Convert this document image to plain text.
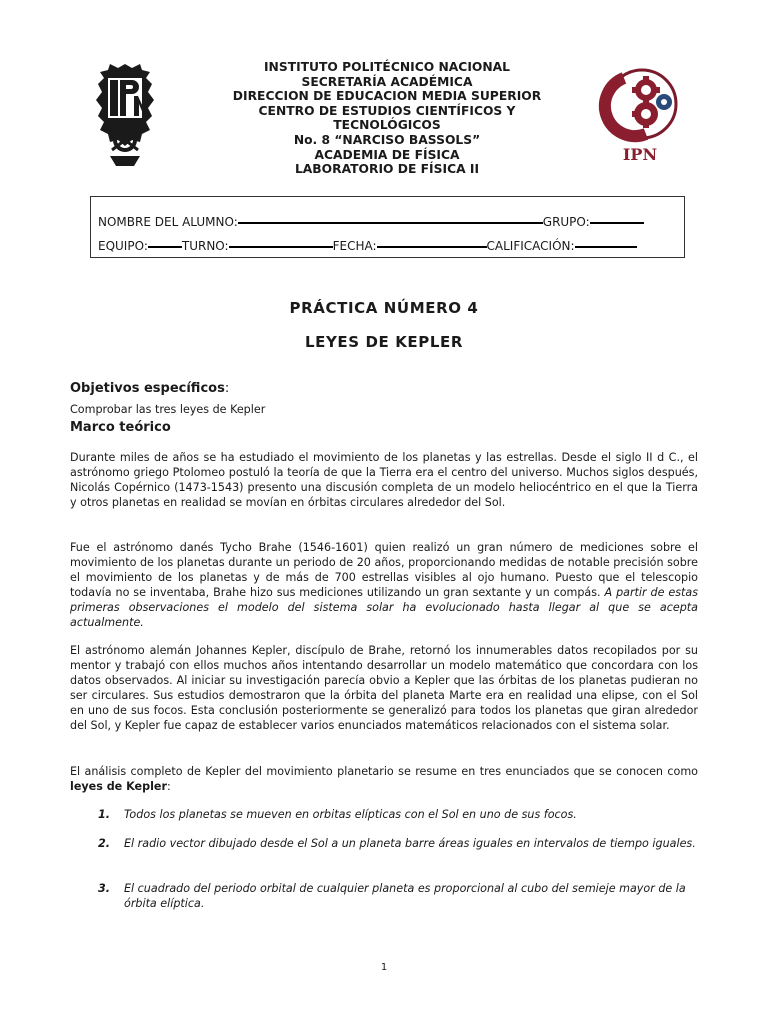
INSTITUTO POLITÉCNICO NACIONAL
SECRETARÍA ACADÉMICA
DIRECCION DE EDUCACION MEDIA SUPERIOR
CENTRO DE ESTUDIOS CIENTÍFICOS Y
TECNOLÓGICOS
No. 8 “NARCISO BASSOLS”
ACADEMIA DE FÍSICA
LABORATORIO DE FÍSICA II
IPN
NOMBRE DEL ALUMNO:	GRUPO:
EQUIPO:	TURNO:	FECHA:	CALIFICACIÓN:
PRÁCTICA NÚMERO 4
LEYES DE KEPLER
Objetivos específicos:
Comprobar las tres leyes de Kepler
Marco teórico
Durante miles de años se ha estudiado el movimiento de los planetas y las estrellas. Desde el siglo II d C., el astrónomo griego Ptolomeo postuló la teoría de que la Tierra era el centro del universo. Muchos siglos después, Nicolás Copérnico (1473-1543) presento una discusión completa de un modelo heliocéntrico en el que la Tierra y otros planetas en realidad se movían en órbitas circulares alrededor del Sol.
Fue el astrónomo danés Tycho Brahe (1546-1601) quien realizó un gran número de mediciones sobre el movimiento de los planetas durante un periodo de 20 años, proporcionando medidas de notable precisión sobre el movimiento de los planetas y de más de 700 estrellas visibles al ojo humano. Puesto que el telescopio todavía no se inventaba, Brahe hizo sus mediciones utilizando un gran sextante y un compás. A partir de estas primeras observaciones el modelo del sistema solar ha evolucionado hasta llegar al que se acepta actualmente.
El astrónomo alemán Johannes Kepler, discípulo de Brahe, retornó los innumerables datos recopilados por su mentor y trabajó con ellos muchos años intentando desarrollar un modelo matemático que concordara con los datos observados. Al iniciar su investigación parecía obvio a Kepler que las órbitas de los planetas pudieran no ser circulares. Sus estudios demostraron que la órbita del planeta Marte era en realidad una elipse, con el Sol en uno de sus focos. Esta conclusión posteriormente se generalizó para todos los planetas que giran alrededor del Sol, y Kepler fue capaz de establecer varios enunciados matemáticos relacionados con el sistema solar.
El análisis completo de Kepler del movimiento planetario se resume en tres enunciados que se conocen como leyes de Kepler:
1. Todos los planetas se mueven en orbitas elípticas con el Sol en uno de sus focos.
2. El radio vector dibujado desde el Sol a un planeta barre áreas iguales en intervalos de tiempo iguales.
3. El cuadrado del periodo orbital de cualquier planeta es proporcional al cubo del semieje mayor de la órbita elíptica.
1
